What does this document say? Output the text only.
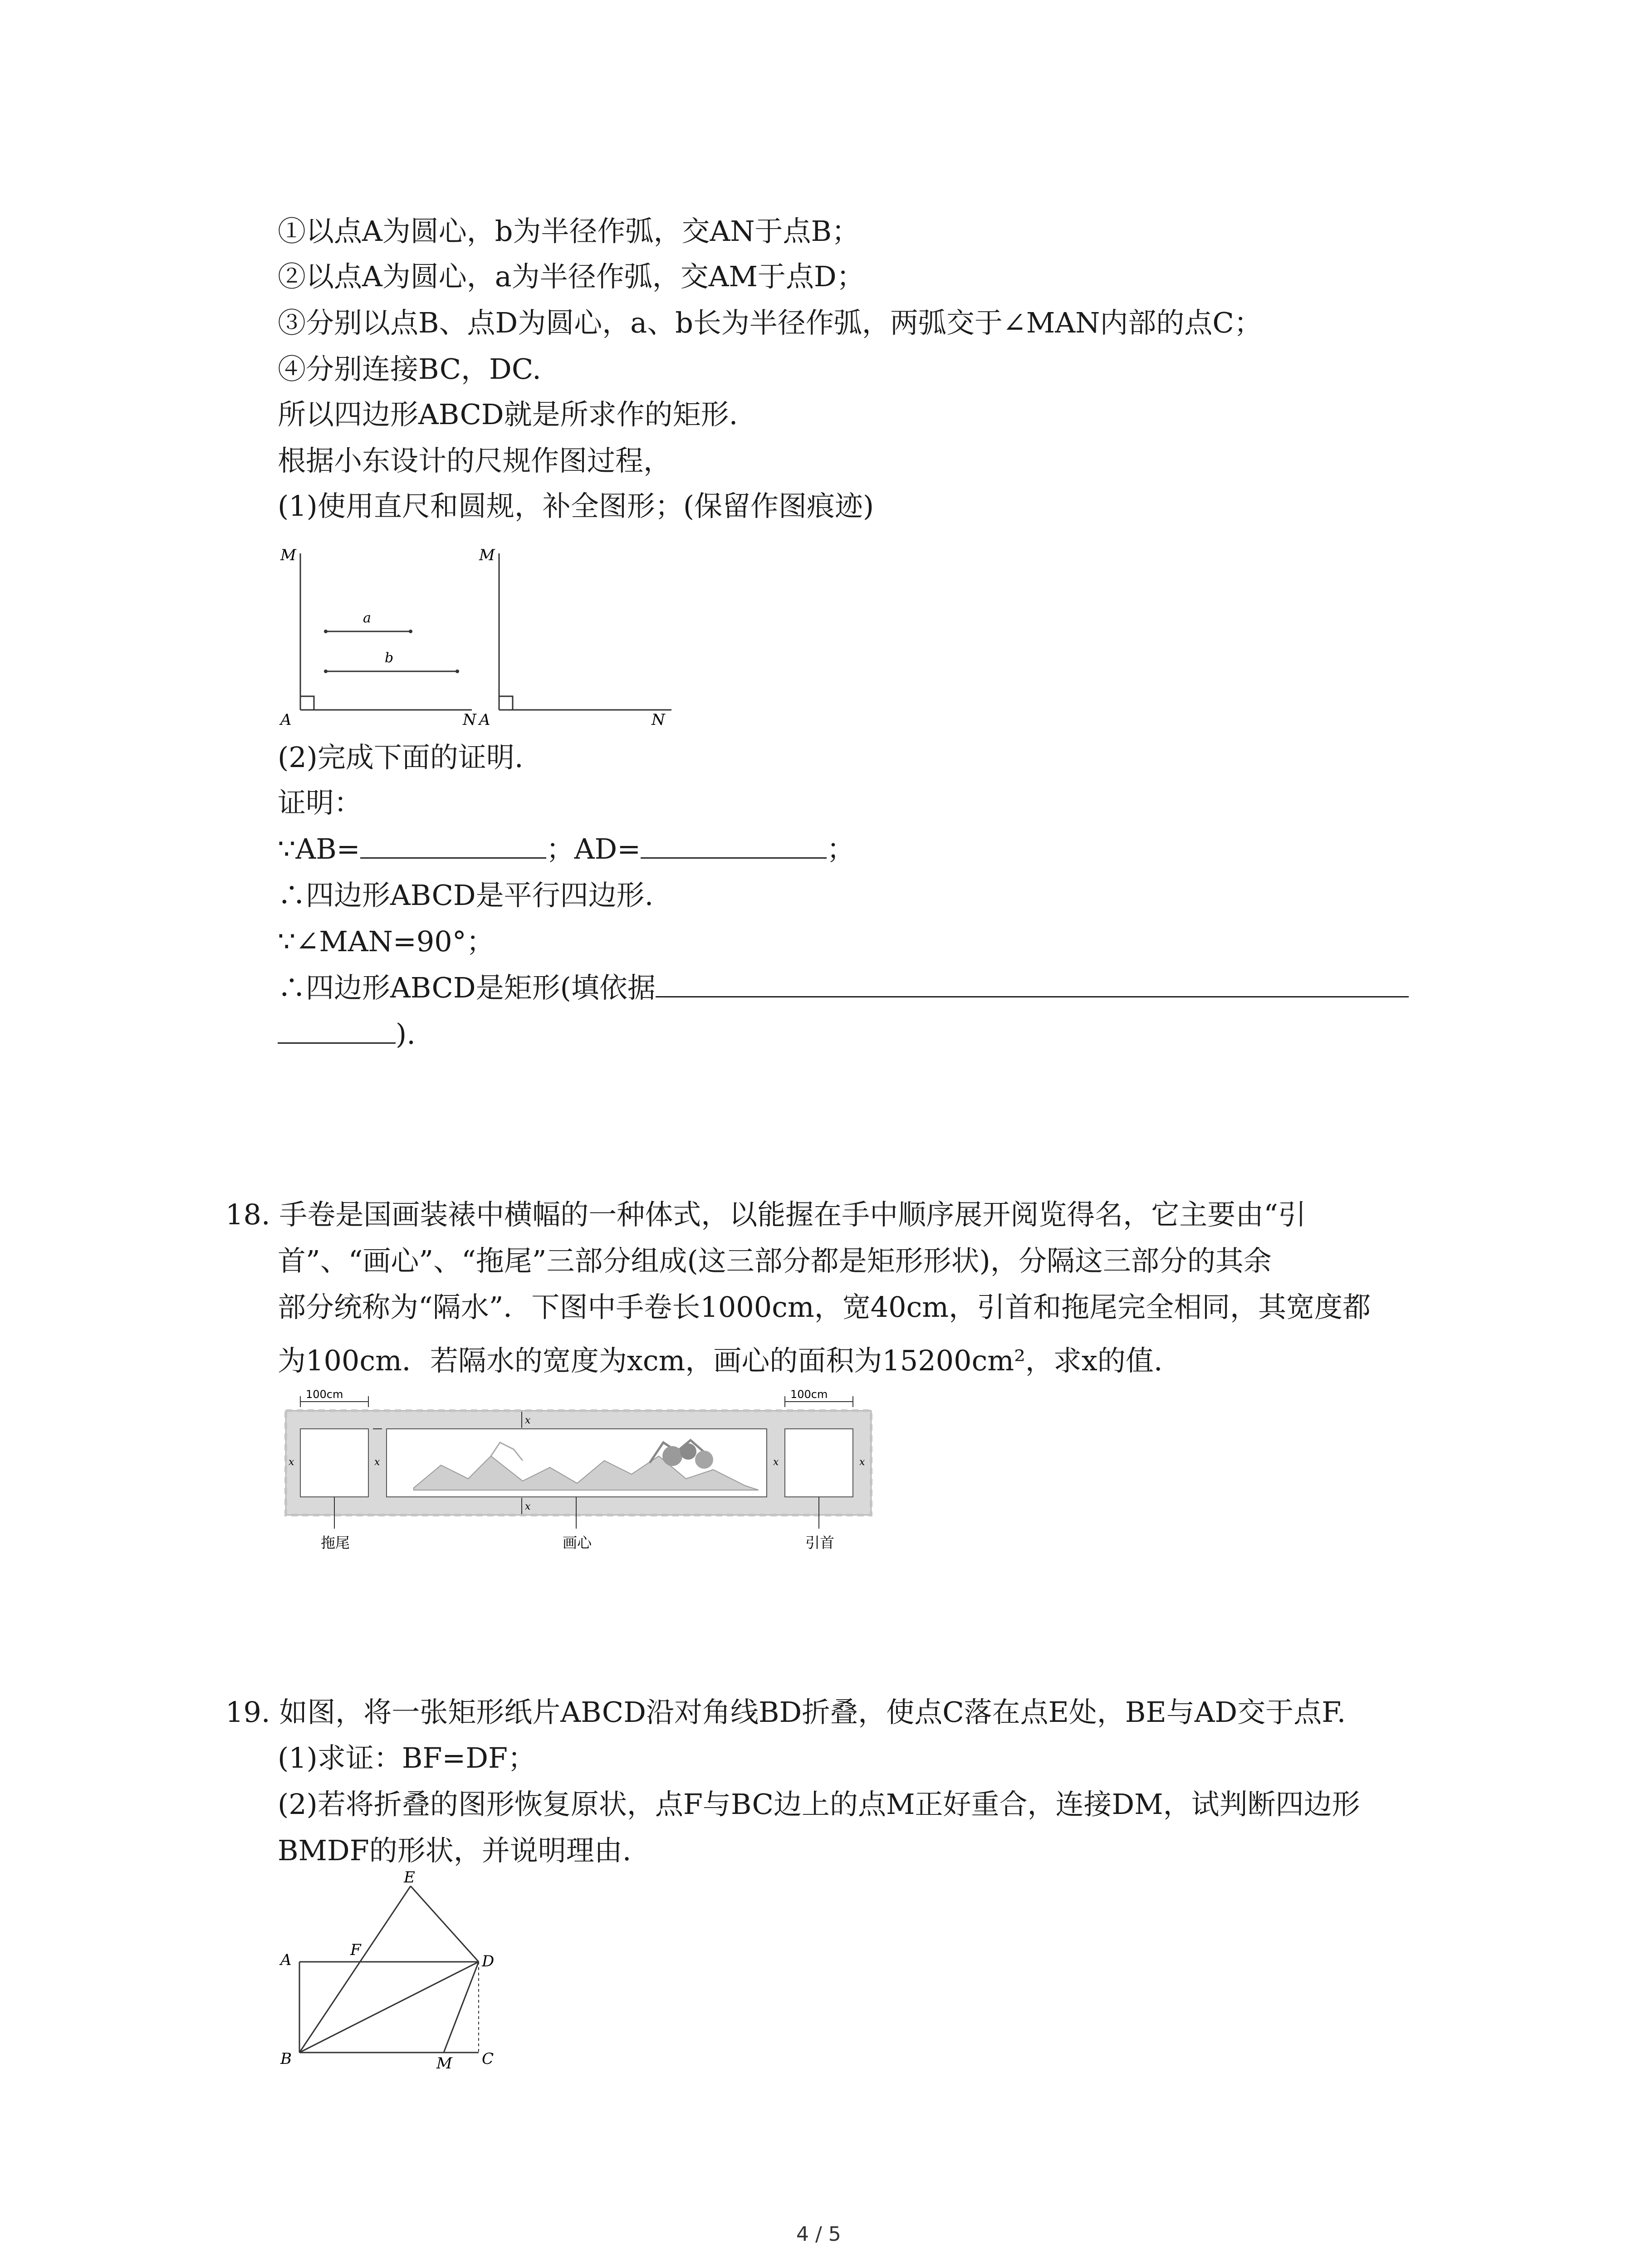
①以点A为圆心，b为半径作弧，交AN于点B；
②以点A为圆心，a为半径作弧，交AM于点D；
③分别以点B、点D为圆心，a、b长为半径作弧，两弧交于∠MAN内部的点C；
④分别连接BC，DC.
所以四边形ABCD就是所求作的矩形.
根据小东设计的尺规作图过程，
(1)使用直尺和圆规，补全图形；(保留作图痕迹)
M
A	N
a
b
M
A	N
(2)完成下面的证明.
证明：
∵AB=	；AD=	；
∴四边形ABCD是平行四边形.
∵∠MAN=90°；
∴四边形ABCD是矩形(填依据
).
18. 手卷是国画装裱中横幅的一种体式，以能握在手中顺序展开阅览得名，它主要由“引
首”、“画心”、“拖尾”三部分组成(这三部分都是矩形形状)，分隔这三部分的其余
部分统称为“隔水”．下图中手卷长1000cm，宽40cm，引首和拖尾完全相同，其宽度都
为100cm．若隔水的宽度为xcm，画心的面积为15200cm²，求x的值.
100cm	100cm
x
x	x	x
x
x
拖尾	画心	引首
19. 如图，将一张矩形纸片ABCD沿对角线BD折叠，使点C落在点E处，BE与AD交于点F.
(1)求证：BF=DF；
(2)若将折叠的图形恢复原状，点F与BC边上的点M正好重合，连接DM，试判断四边形
BMDF的形状，并说明理由.
E
A
F
D
B	M C
4 / 5
